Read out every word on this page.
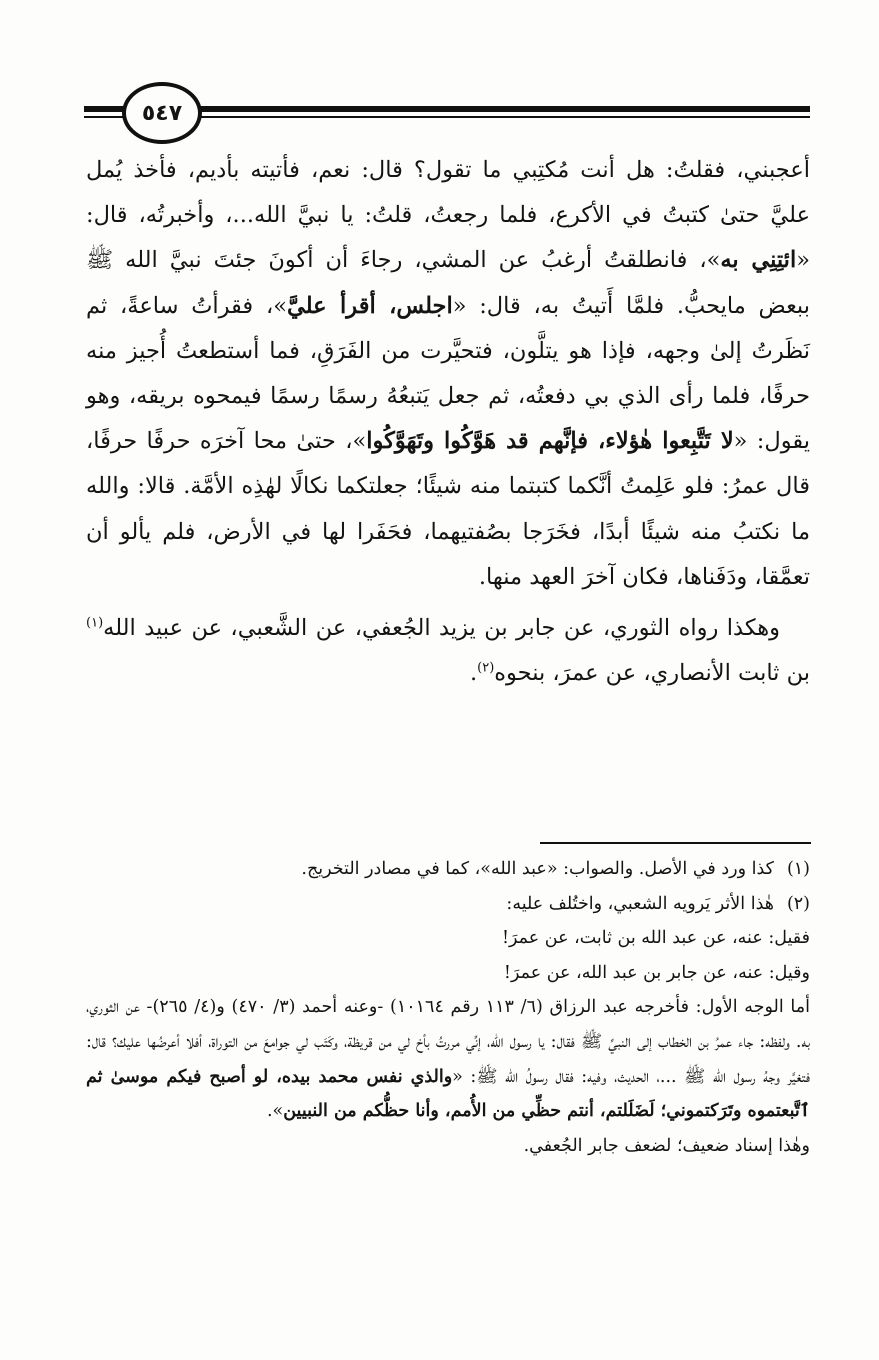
٥٤٧

أعجبني، فقلتُ: هل أنت مُكتِبي ما تقول؟ قال: نعم، فأتيته بأديم، فأخذ يُمل عليَّ حتىٰ كتبتُ في الأكرع، فلما رجعتُ، قلتُ: يا نبيَّ الله...، وأخبرتُه، قال: «ائتِنِي به»، فانطلقتُ أرغبُ عن المشي، رجاءَ أن أكونَ جئتَ نبيَّ الله ﷺ ببعض مايحبُّ. فلمَّا أَتيتُ به، قال: «اجلس، أقرأ عليَّ»، فقرأتُ ساعةً، ثم نَظَرتُ إلىٰ وجهه، فإذا هو يتلَّون، فتحيَّرت من الفَرَقِ، فما أستطعتُ أُجيز منه حرفًا، فلما رأى الذي بي دفعتُه، ثم جعل يَتبعُهُ رسمًا رسمًا فيمحوه بريقه، وهو يقول: «لا تَتَّبِعوا هٰؤلاء، فإنَّهم قد هَوَّكُوا وتَهَوَّكُوا»، حتىٰ محا آخرَه حرفًا حرفًا، قال عمرُ: فلو عَلِمتُ أنَّكما كتبتما منه شيئًا؛ جعلتكما نكالًا لهٰذِه الأمَّة. قالا: والله ما نكتبُ منه شيئًا أبدًا، فخَرَجا بصُفتيهما، فحَفَرا لها في الأرض، فلم يألو أن تعمَّقا، ودَفَناها، فكان آخرَ العهد منها.

وهكذا رواه الثوري، عن جابر بن يزيد الجُعفي، عن الشَّعبي، عن عبيد الله$^{(١)}$ بن ثابت الأنصاري، عن عمرَ، بنحوه$^{(٢)}$.

(١)
كذا ورد في الأصل. والصواب: «عبد الله»، كما في مصادر التخريج.
(٢)
هٰذا الأثر يَرويه الشعبي، واختُلف عليه:

فقيل: عنه، عن عبد الله بن ثابت، عن عمرَ!

وقيل: عنه، عن جابر بن عبد الله، عن عمرَ!

أما الوجه الأول: فأخرجه عبد الرزاق (٦/ ١١٣ رقم ١٠١٦٤) -وعنه أحمد (٣/ ٤٧٠) و(٤/ ٢٦٥)- عن الثوري، به. ولفظه: جاء عمرُ بن الخطاب إلى النبيِّ ﷺ فقال: يا رسول الله، إنِّي مررتُ بأخ لي من قريظة، وكَتَب لي جوامعَ من التوراة، أفلا أعرضُها عليك؟ قال: فتغيَّر وجهُ رسول الله ﷺ ...، الحديث، وفيه: فقال رسولُ الله ﷺ: «والذي نفس محمد بيده، لو أصبح فيكم موسىٰ ثم ٱتَّبعتموه وتَرَكتموني؛ لَضَلَلتم، أنتم حظِّي من الأُمم، وأنا حظُّكم من النبيين».

وهٰذا إسناد ضعيف؛ لضعف جابر الجُعفي.
